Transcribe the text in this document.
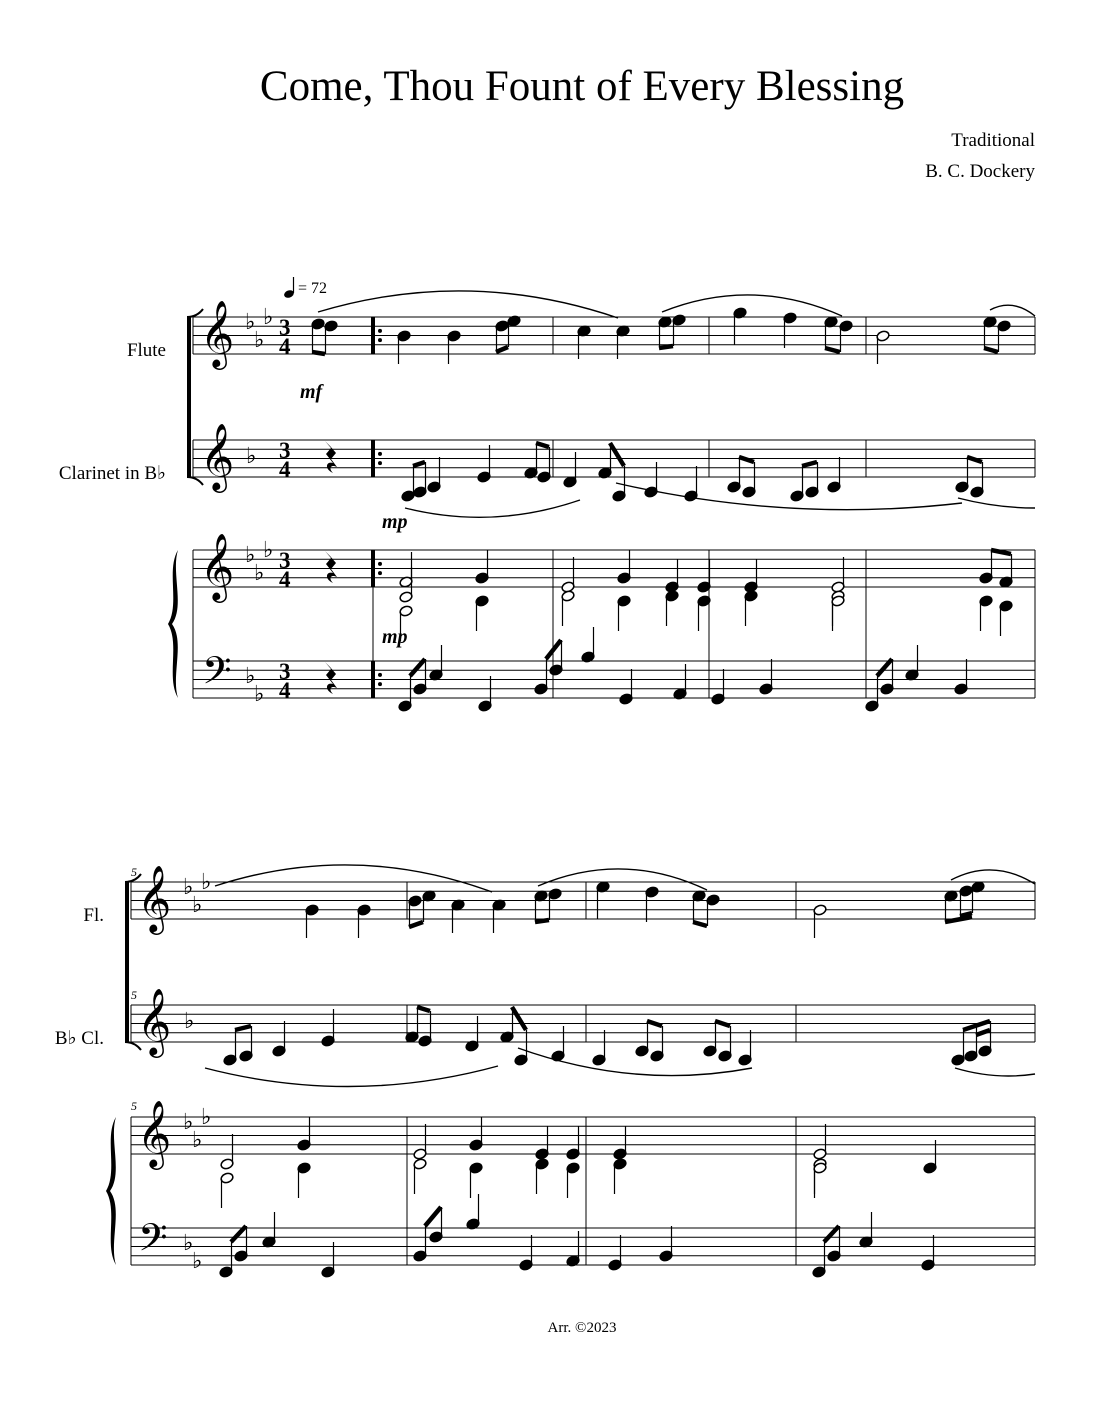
Come, Thou Fount of Every Blessing
Traditional
B. C. Dockery
Flute
Clarinet in B♭
𝄞
𝄞
𝄞
𝄢
♭
♭
♭
♭
♭
♭
♭
♭
♭
3
4
3
4
3
4
3
4
= 72
mf
mp
mp
Fl.
B♭ Cl.
5
5
5
𝄞
𝄞
𝄞
𝄢
♭
♭
♭
♭
♭
♭
♭
♭
♭
Arr. ©2023
